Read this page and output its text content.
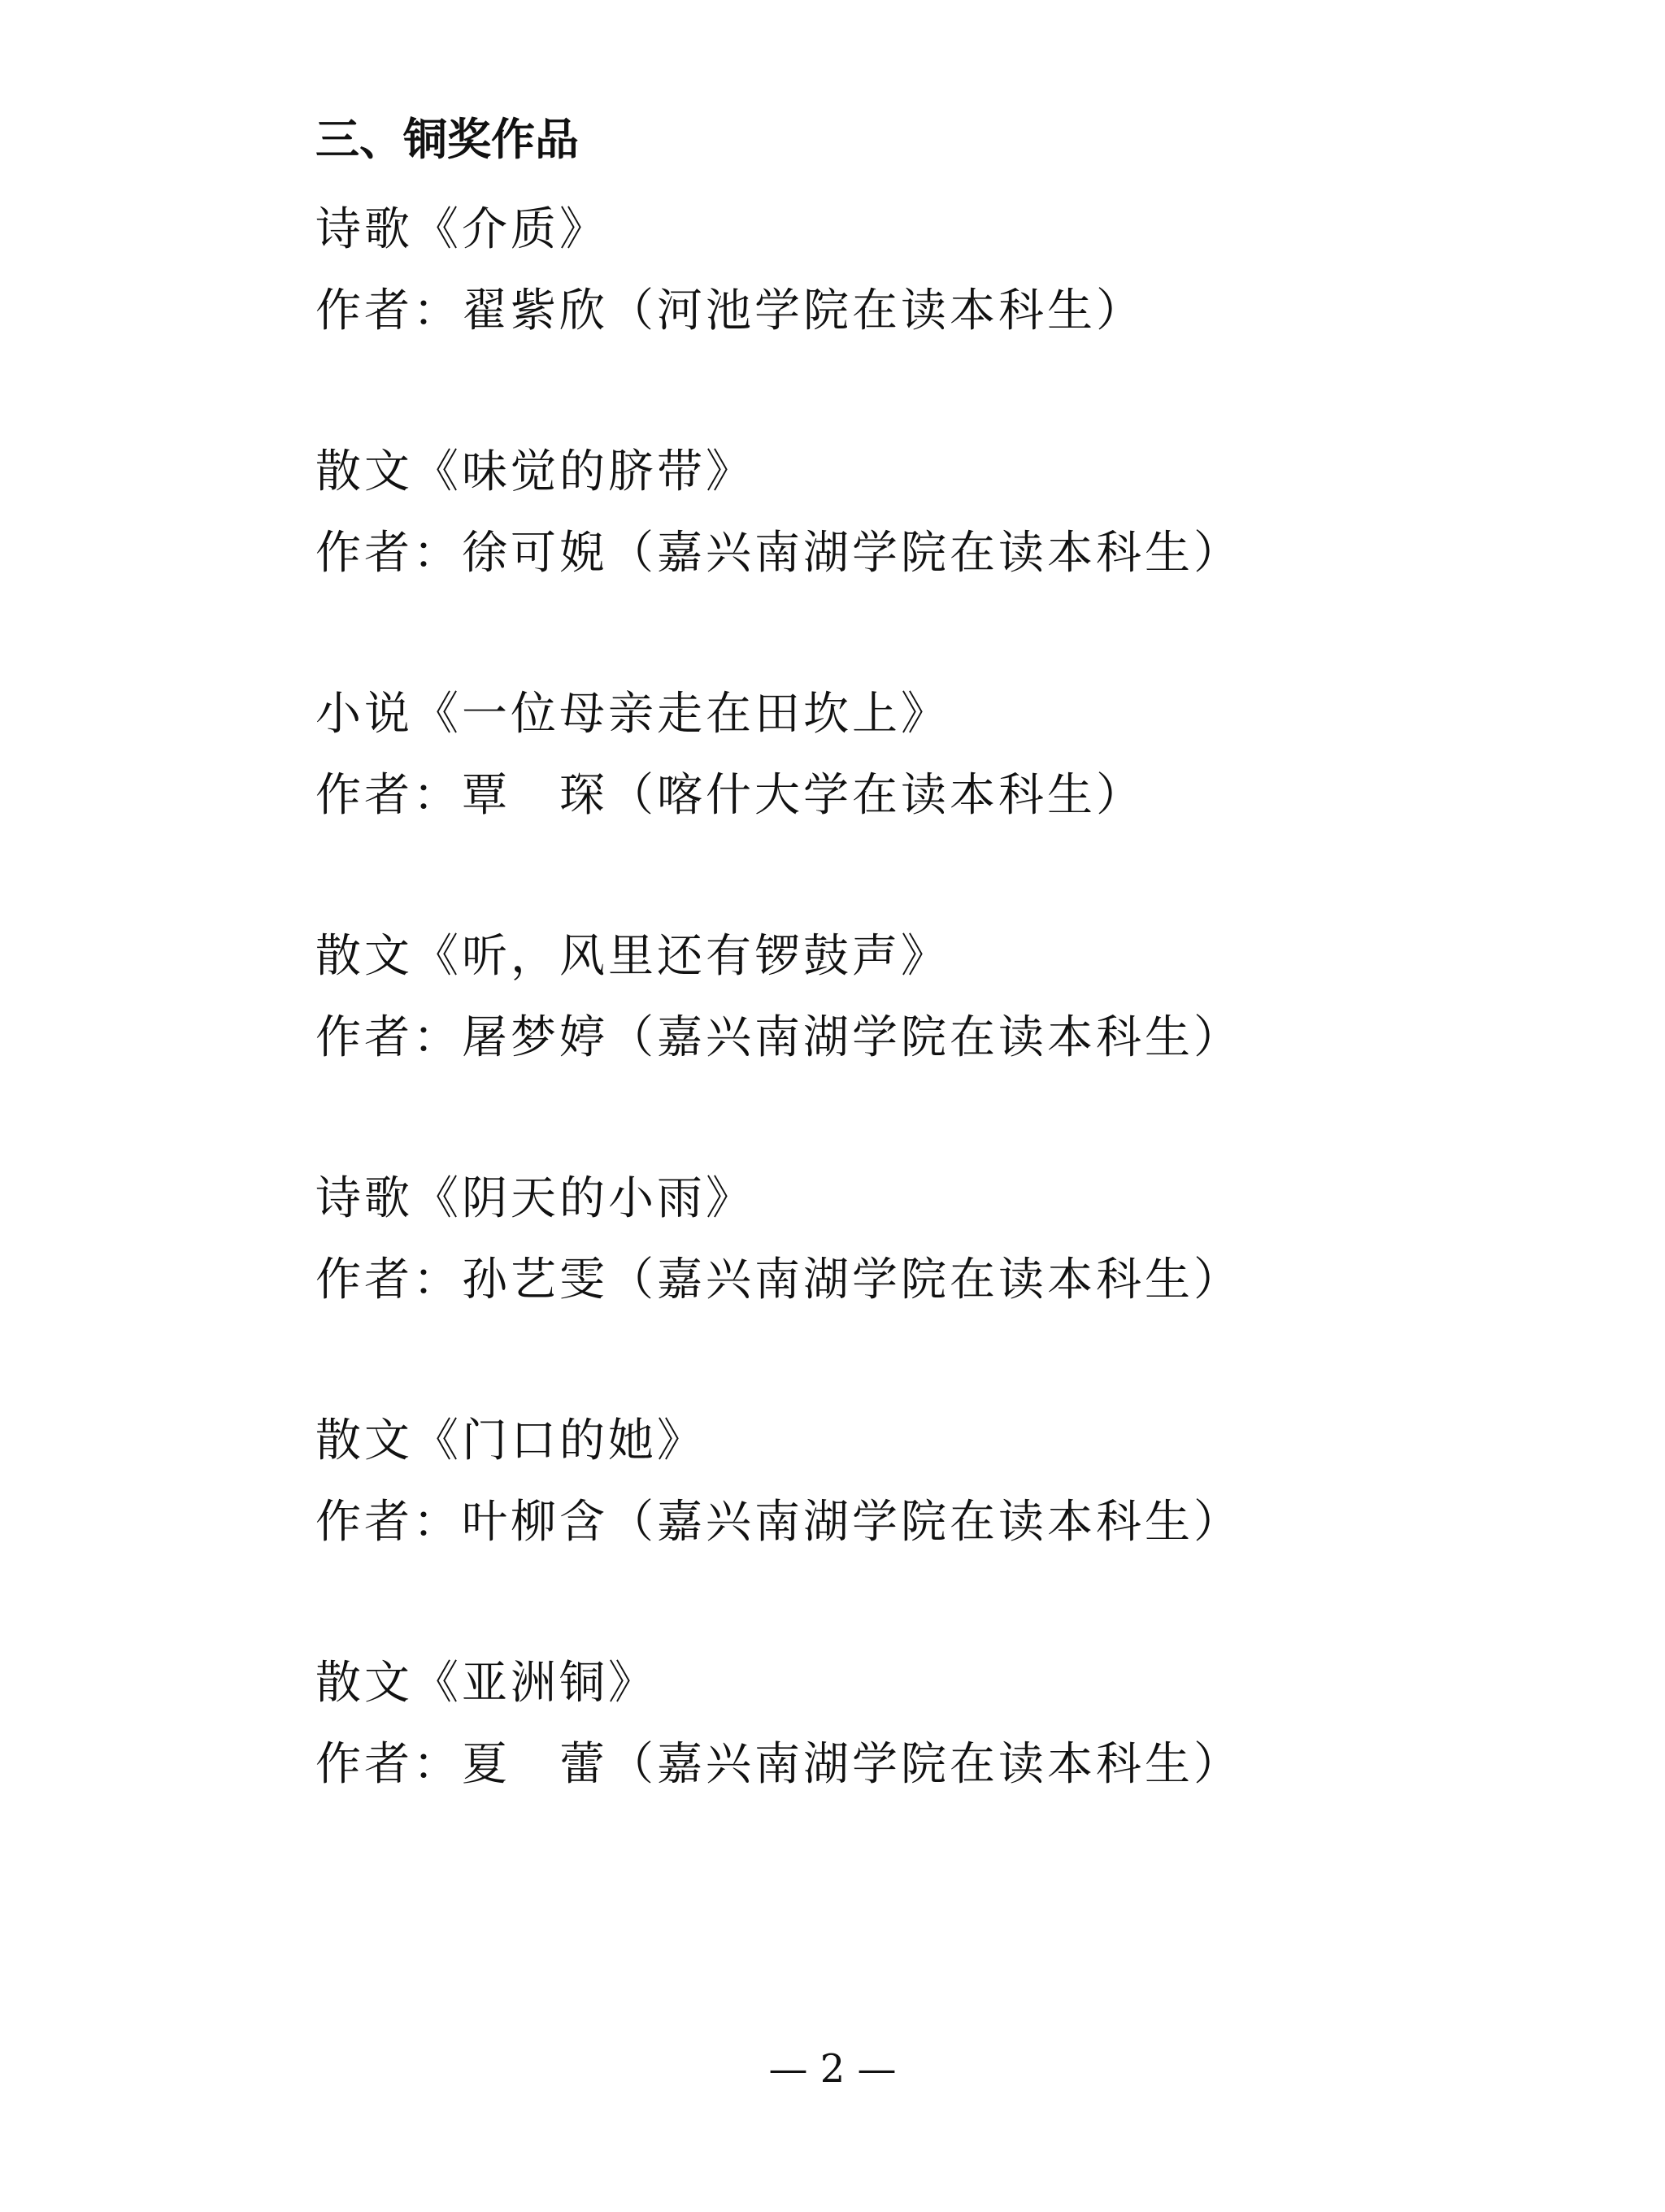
三、铜奖作品
诗歌《介质》
作者：翟紫欣（河池学院在读本科生）
散文《味觉的脐带》
作者：徐可婗（嘉兴南湖学院在读本科生）
小说《一位母亲走在田坎上》
作者：覃　琛（喀什大学在读本科生）
散文《听，风里还有锣鼓声》
作者：屠梦婷（嘉兴南湖学院在读本科生）
诗歌《阴天的小雨》
作者：孙艺雯（嘉兴南湖学院在读本科生）
散文《门口的她》
作者：叶柳含（嘉兴南湖学院在读本科生）
散文《亚洲铜》
作者：夏　蕾（嘉兴南湖学院在读本科生）
— 2 —
